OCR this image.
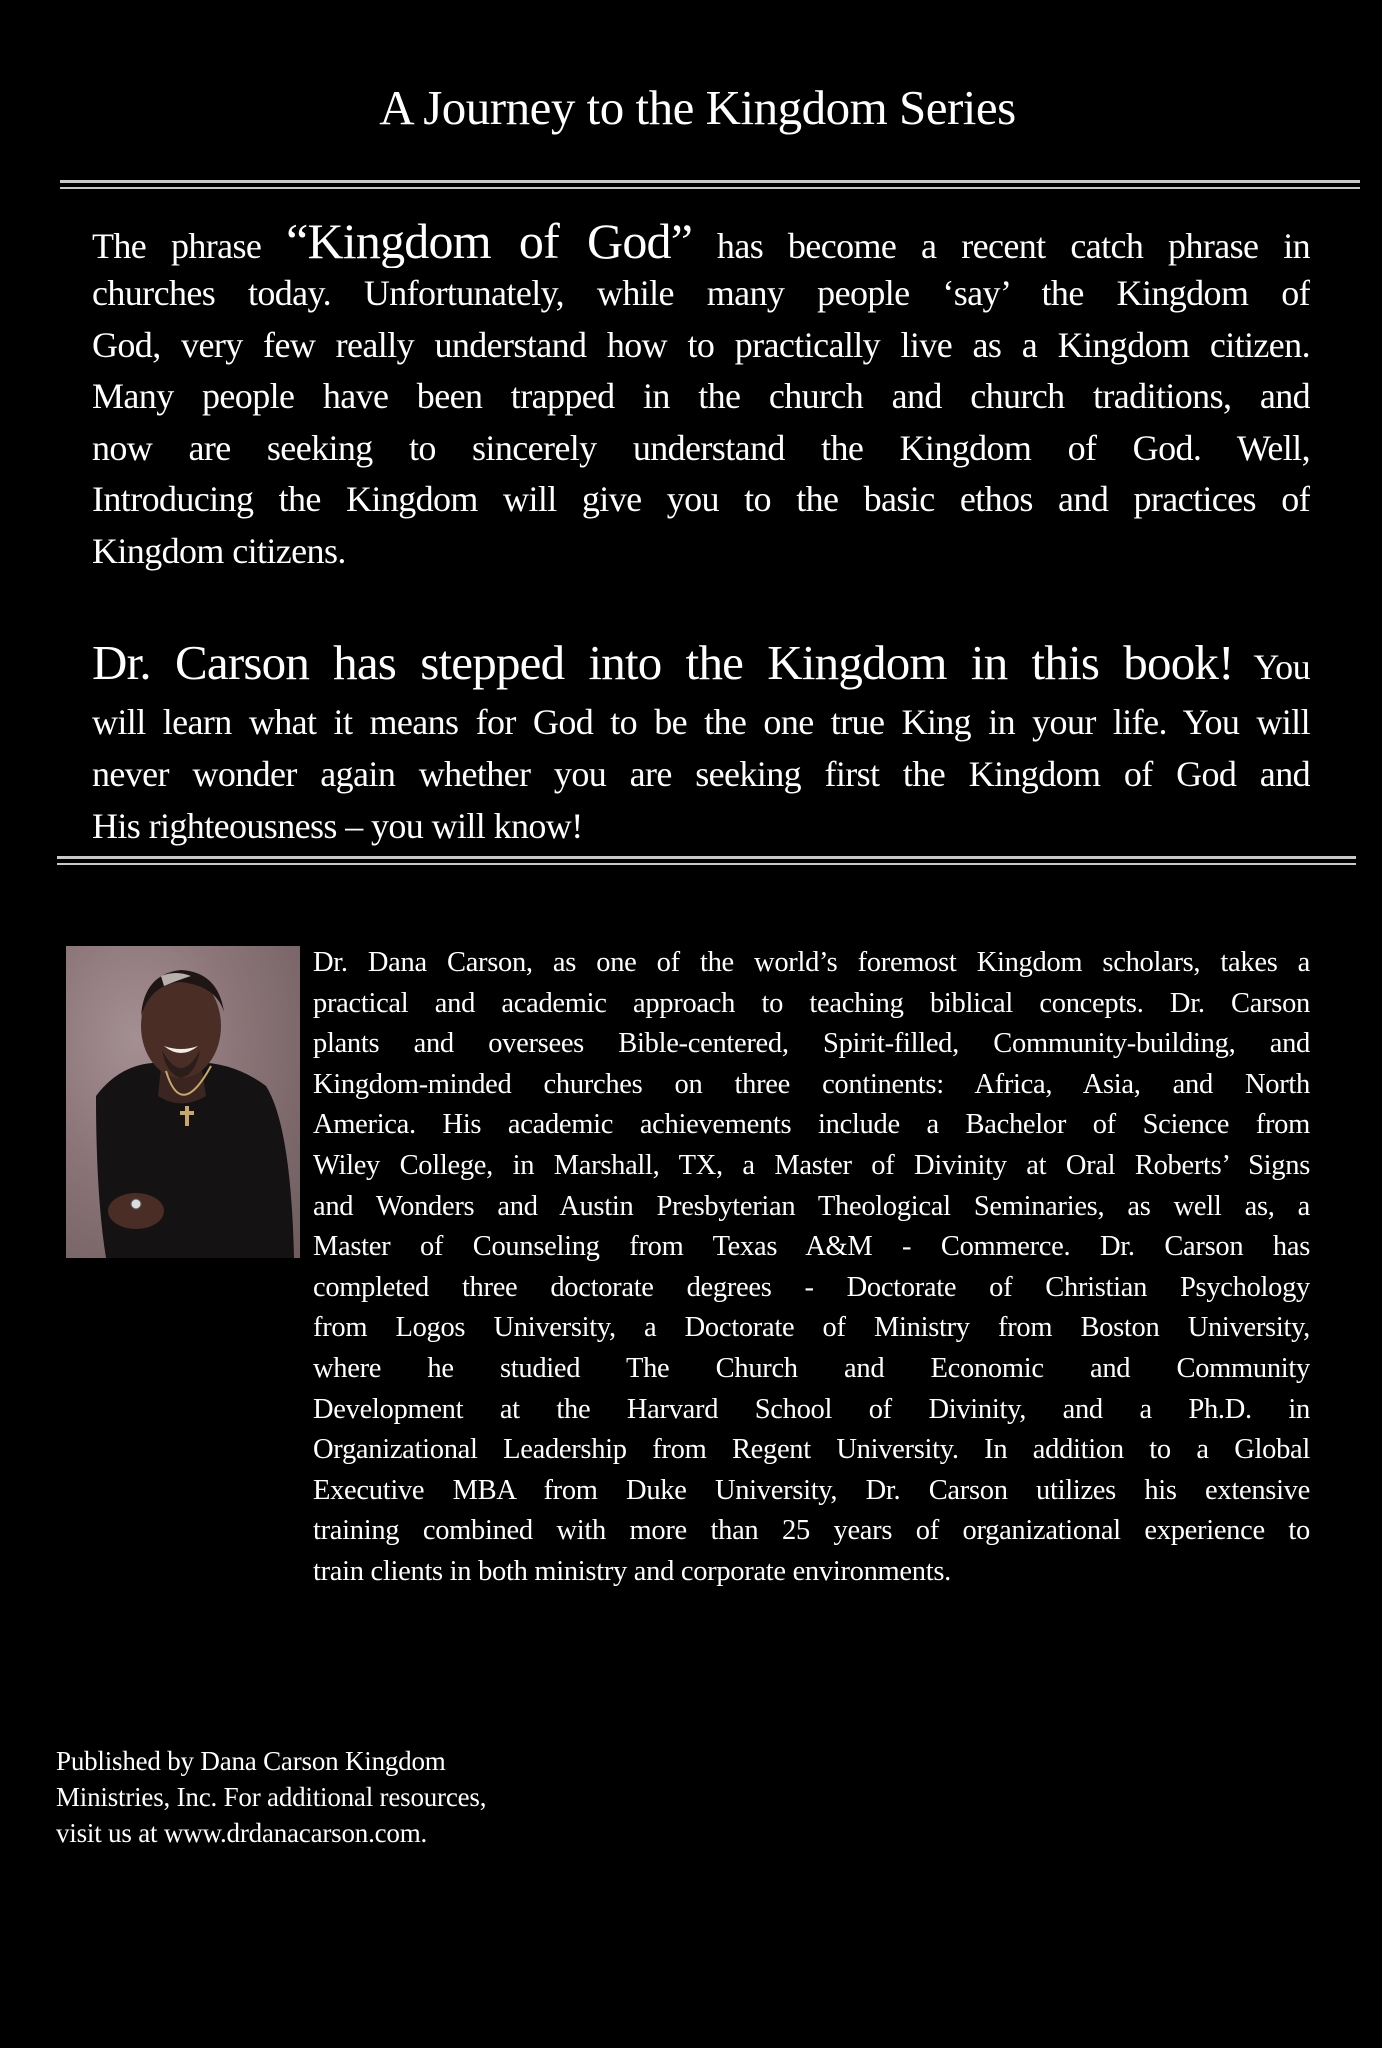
A Journey to the Kingdom Series
The phrase “Kingdom of God” has become a recent catch phrase in
churches today. Unfortunately, while many people ‘say’ the Kingdom of
God, very few really understand how to practically live as a Kingdom citizen.
Many people have been trapped in the church and church traditions, and
now are seeking to sincerely understand the Kingdom of God. Well,
Introducing the Kingdom will give you to the basic ethos and practices of
Kingdom citizens.
Dr. Carson has stepped into the Kingdom in this book! You
will learn what it means for God to be the one true King in your life. You will
never wonder again whether you are seeking first the Kingdom of God and
His righteousness – you will know!
Dr. Dana Carson, as one of the world’s foremost Kingdom scholars, takes a
practical and academic approach to teaching biblical concepts. Dr. Carson
plants and oversees Bible-centered, Spirit-filled, Community-building, and
Kingdom-minded churches on three continents: Africa, Asia, and North
America. His academic achievements include a Bachelor of Science from
Wiley College, in Marshall, TX, a Master of Divinity at Oral Roberts’ Signs
and Wonders and Austin Presbyterian Theological Seminaries, as well as, a
Master of Counseling from Texas A&M - Commerce. Dr. Carson has
completed three doctorate degrees - Doctorate of Christian Psychology
from Logos University, a Doctorate of Ministry from Boston University,
where he studied The Church and Economic and Community
Development at the Harvard School of Divinity, and a Ph.D. in
Organizational Leadership from Regent University. In addition to a Global
Executive MBA from Duke University, Dr. Carson utilizes his extensive
training combined with more than 25 years of organizational experience to
train clients in both ministry and corporate environments.
Published by Dana Carson Kingdom
Ministries, Inc. For additional resources,
visit us at www.drdanacarson.com.
